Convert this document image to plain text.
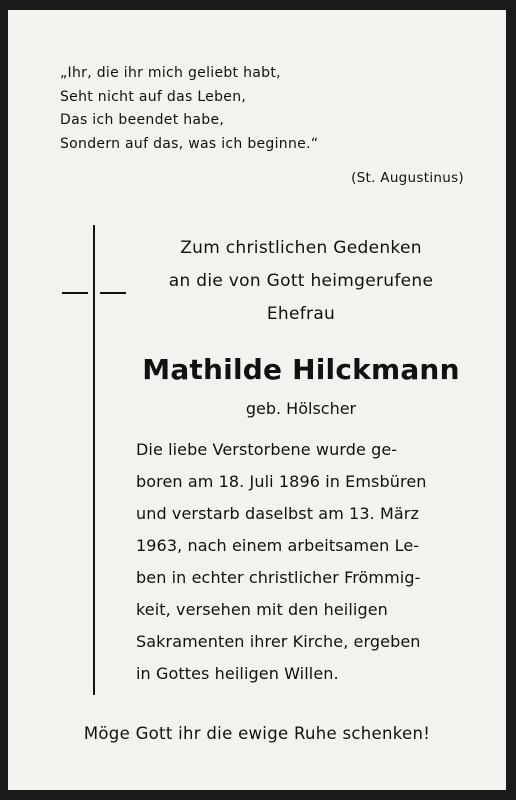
„Ihr, die ihr mich geliebt habt,
Seht nicht auf das Leben,
Das ich beendet habe,
Sondern auf das, was ich beginne.“
(St. Augustinus)
Zum christlichen Gedenken
an die von Gott heimgerufene
Ehefrau
Mathilde Hilckmann
geb. Hölscher
Die liebe Verstorbene wurde ge-
boren am 18. Juli 1896 in Emsbüren
und verstarb daselbst am 13. März
1963, nach einem arbeitsamen Le-
ben in echter christlicher Frömmig-
keit, versehen mit den heiligen
Sakramenten ihrer Kirche, ergeben
in Gottes heiligen Willen.
Möge Gott ihr die ewige Ruhe schenken!
